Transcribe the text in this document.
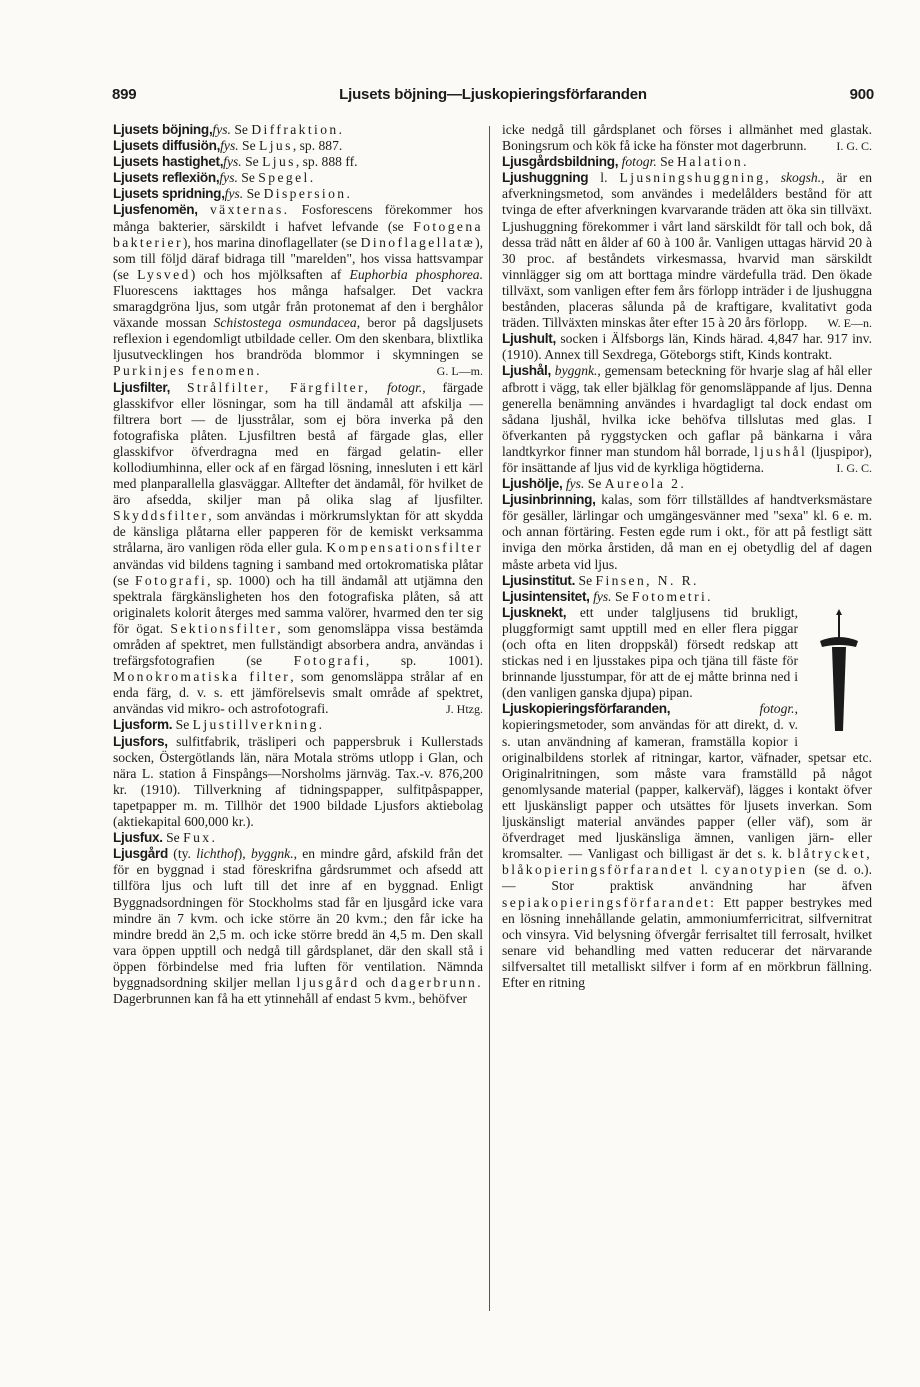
899	Ljusets böjning—Ljuskopieringsförfaranden	900

Ljusets böjning,fys. Se Diffraktion.

Ljusets diffusiön,fys. Se Ljus, sp. 887.

Ljusets hastighet,fys. Se Ljus, sp. 888 ff.

Ljusets reflexiön,fys. Se Spegel.

Ljusets spridning,fys. Se Dispersion.

Ljusfenomën, växternas. Fosforescens förekommer hos många bakterier, särskildt i hafvet lefvande (se Fotogena bakterier), hos marina dinoflagellater (se Dinoflagellatæ), som till följd däraf bidraga till "marelden", hos vissa hattsvampar (se Lysved) och hos mjölksaften af Euphorbia phosphorea. Fluorescens iakttages hos många hafsalger. Det vackra smaragdgröna ljus, som utgår från protonemat af den i berghålor växande mossan Schistostega osmundacea, beror på dagsljusets reflexion i egendomligt utbildade celler. Om den skenbara, blixtlika ljusutvecklingen hos brandröda blommor i skymningen se Purkinjes fenomen.	G. L—m.

Ljusfilter, Strålfilter, Färgfilter, fotogr., färgade glasskifvor eller lösningar, som ha till ändamål att afskilja — filtrera bort — de ljusstrålar, som ej böra inverka på den fotografiska plåten. Ljusfiltren bestå af färgade glas, eller glasskifvor öfverdragna med en färgad gelatin- eller kollodiumhinna, eller ock af en färgad lösning, innesluten i ett kärl med planparallella glasväggar. Alltefter det ändamål, för hvilket de äro afsedda, skiljer man på olika slag af ljusfilter. Skyddsfilter, som användas i mörkrumslyktan för att skydda de känsliga plåtarna eller papperen för de kemiskt verksamma strålarna, äro vanligen röda eller gula. Kompensationsfilter användas vid bildens tagning i samband med ortokromatiska plåtar (se Fotografi, sp. 1000) och ha till ändamål att utjämna den spektrala färgkänsligheten hos den fotografiska plåten, så att originalets kolorit återges med samma valörer, hvarmed den ter sig för ögat. Sektionsfilter, som genomsläppa vissa bestämda områden af spektret, men fullständigt absorbera andra, användas i trefärgsfotografien (se Fotografi, sp. 1001). Monokromatiska filter, som genomsläppa strålar af en enda färg, d. v. s. ett jämförelsevis smalt område af spektret, användas vid mikro- och astrofotografi.	J. Htzg.

Ljusform. Se Ljustillverkning.

Ljusfors, sulfitfabrik, träsliperi och pappersbruk i Kullerstads socken, Östergötlands län, nära Motala ströms utlopp i Glan, och nära L. station å Finspångs—Norsholms järnväg. Tax.-v. 876,200 kr. (1910). Tillverkning af tidningspapper, sulfitpåspapper, tapetpapper m. m. Tillhör det 1900 bildade Ljusfors aktiebolag (aktiekapital 600,000 kr.).

Ljusfux. Se Fux.

Ljusgård (ty. lichthof), byggnk., en mindre gård, afskild från det för en byggnad i stad föreskrifna gårdsrummet och afsedd att tillföra ljus och luft till det inre af en byggnad. Enligt Byggnadsordningen för Stockholms stad får en ljusgård icke vara mindre än 7 kvm. och icke större än 20 kvm.; den får icke ha mindre bredd än 2,5 m. och icke större bredd än 4,5 m. Den skall vara öppen upptill och nedgå till gårdsplanet, där den skall stå i öppen förbindelse med fria luften för ventilation. Nämnda byggnadsordning skiljer mellan ljusgård och dagerbrunn. Dagerbrunnen kan få ha ett ytinnehåll af endast 5 kvm., behöfver

icke nedgå till gårdsplanet och förses i allmänhet med glastak. Boningsrum och kök få icke ha fönster mot dagerbrunn. I. G. C.

Ljusgårdsbildning, fotogr. Se Halation.

Ljushuggning l. Ljusningshuggning, skogsh., är en afverkningsmetod, som användes i medelålders bestånd för att tvinga de efter afverkningen kvarvarande träden att öka sin tillväxt. Ljushuggning förekommer i vårt land särskildt för tall och bok, då dessa träd nått en ålder af 60 à 100 år. Vanligen uttagas härvid 20 à 30 proc. af beståndets virkesmassa, hvarvid man särskildt vinnlägger sig om att borttaga mindre värdefulla träd. Den ökade tillväxt, som vanligen efter fem års förlopp inträder i de ljushuggna bestånden, placeras sålunda på de kraftigare, kvalitativt goda träden. Tillväxten minskas åter efter 15 à 20 års förlopp. W. E—n.

Ljushult, socken i Älfsborgs län, Kinds härad. 4,847 har. 917 inv. (1910). Annex till Sexdrega, Göteborgs stift, Kinds kontrakt.

Ljushål, byggnk., gemensam beteckning för hvarje slag af hål eller afbrott i vägg, tak eller bjälklag för genomsläppande af ljus. Denna generella benämning användes i hvardagligt tal dock endast om sådana ljushål, hvilka icke behöfva tillslutas med glas. I öfverkanten på ryggstycken och gaflar på bänkarna i våra landtkyrkor finner man stundom hål borrade, ljushål (ljuspipor), för insättande af ljus vid de kyrkliga högtiderna.	I. G. C.

Ljushölje, fys. Se Aureola 2.

Ljusinbrinning, kalas, som förr tillställdes af handtverksmästare för gesäller, lärlingar och umgängesvänner med "sexa" kl. 6 e. m. och annan förtäring. Festen egde rum i okt., för att på festligt sätt inviga den mörka årstiden, då man en ej obetydlig del af dagen måste arbeta vid ljus.

Ljusinstitut. Se Finsen, N. R.

Ljusintensitet, fys. Se Fotometri.

Ljusknekt, ett under talgljusens tid brukligt, pluggformigt samt upptill med en eller flera piggar (och ofta en liten droppskål) försedt redskap att stickas ned i en ljusstakes pipa och tjäna till fäste för brinnande ljusstumpar, för att de ej måtte brinna ned i (den vanligen ganska djupa) pipan.

Ljuskopieringsförfaranden,	fotogr., kopieringsmetoder, som användas för att direkt, d. v. s. utan användning af kameran, framställa kopior i originalbildens storlek af ritningar, kartor, väfnader, spetsar etc. Originalritningen, som måste vara framställd på något genomlysande material (papper, kalkerväf), lägges i kontakt öfver ett ljuskänsligt papper och utsättes för ljusets inverkan. Som ljuskänsligt material användes papper (eller väf), som är öfverdraget med ljuskänsliga ämnen, vanligen järn- eller kromsalter. — Vanligast och billigast är det s. k. blåtrycket, blåkopieringsförfarandet l. cyanotypien (se d. o.). — Stor praktisk användning har äfven sepiakopieringsförfarandet: Ett papper bestrykes med en lösning innehållande gelatin, ammoniumferricitrat, silfvernitrat och vinsyra. Vid belysning öfvergår ferrisaltet till ferrosalt, hvilket senare vid behandling med vatten reducerar det närvarande silfversaltet till metalliskt silfver i form af en mörkbrun fällning. Efter en ritning
